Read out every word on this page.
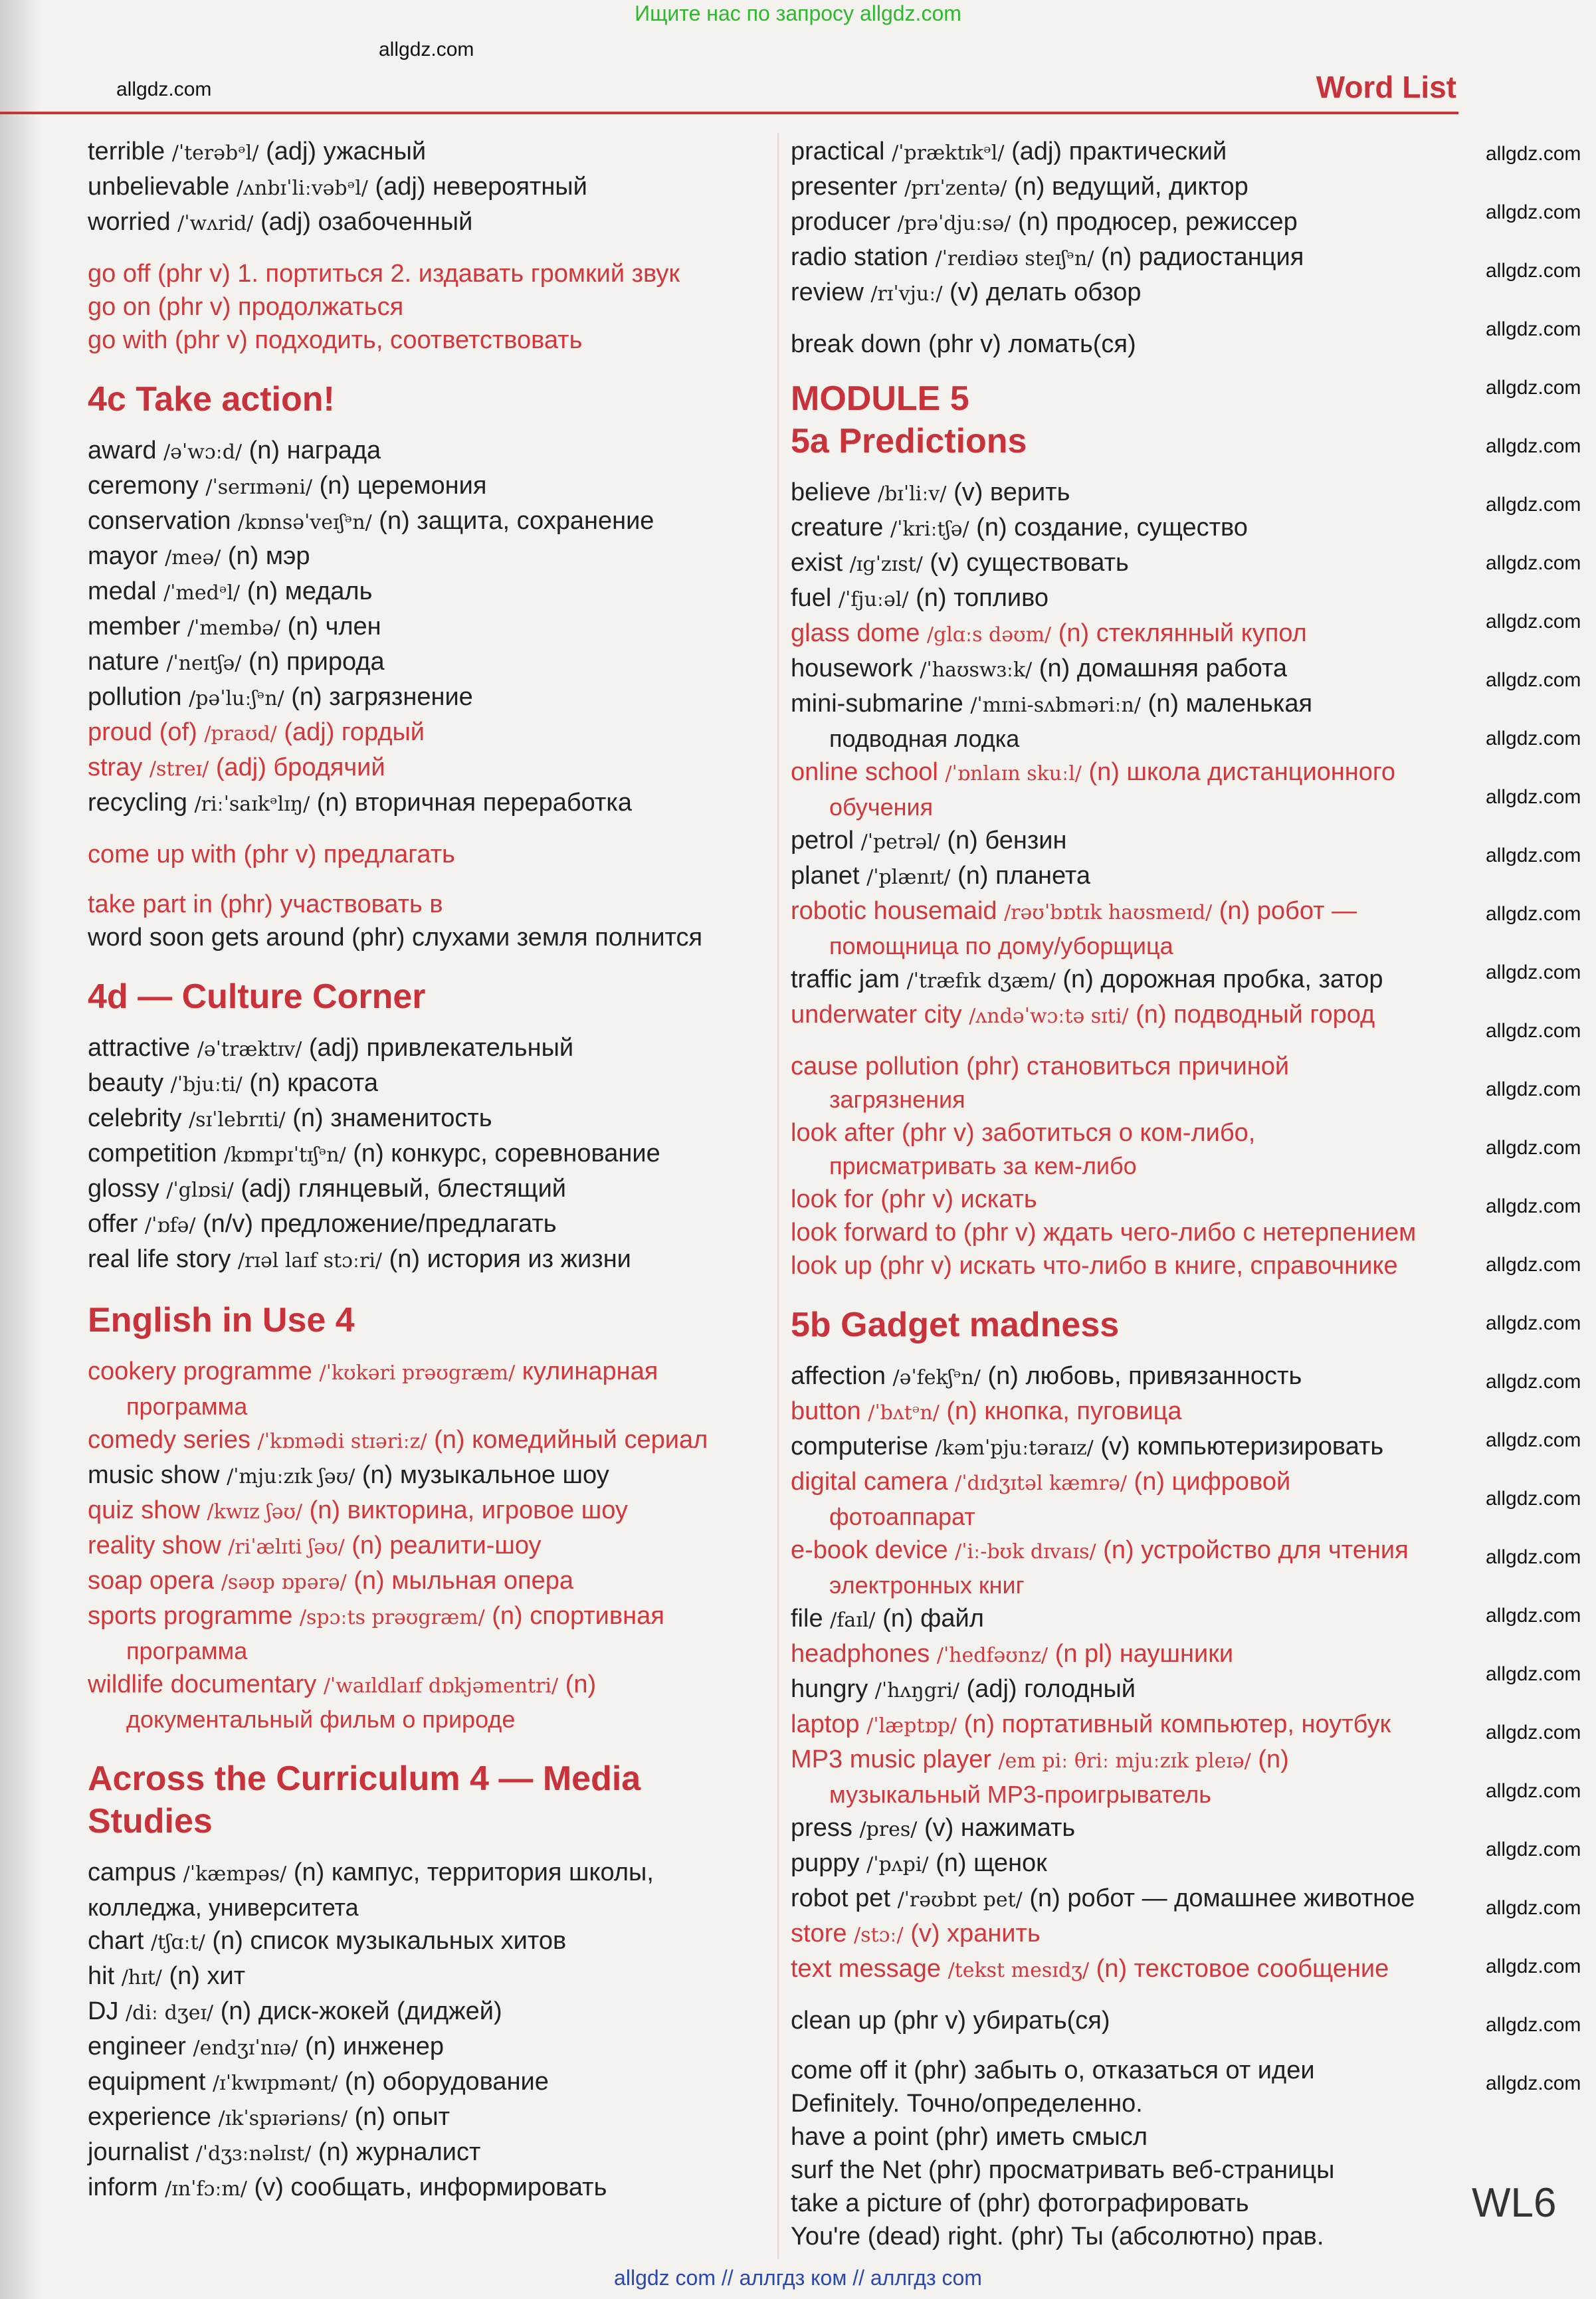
Ищите нас по запросу allgdz.com
Word List
terrible /ˈterəbᵊl/ (adj) ужасный
unbelievable /ʌnbɪˈliːvəbᵊl/ (adj) невероятный
worried /ˈwʌrid/ (adj) озабоченный
go off (phr v) 1. портиться 2. издавать громкий звук
go on (phr v) продолжаться
go with (phr v) подходить, соответствовать
4c Take action!
award /əˈwɔːd/ (n) награда
ceremony /ˈserɪməni/ (n) церемония
conservation /kɒnsəˈveɪʃᵊn/ (n) защита, сохранение
mayor /meə/ (n) мэр
medal /ˈmedᵊl/ (n) медаль
member /ˈmembə/ (n) член
nature /ˈneɪtʃə/ (n) природа
pollution /pəˈluːʃᵊn/ (n) загрязнение
proud (of) /praʊd/ (adj) гордый
stray /streɪ/ (adj) бродячий
recycling /riːˈsaɪkᵊlɪŋ/ (n) вторичная переработка
come up with (phr v) предлагать
take part in (phr) участвовать в
word soon gets around (phr) слухами земля полнится
4d — Culture Corner
attractive /əˈtræktɪv/ (adj) привлекательный
beauty /ˈbjuːti/ (n) красота
celebrity /sɪˈlebrɪti/ (n) знаменитость
competition /kɒmpɪˈtɪʃᵊn/ (n) конкурс, соревнование
glossy /ˈglɒsi/ (adj) глянцевый, блестящий
offer /ˈɒfə/ (n/v) предложение/предлагать
real life story /rɪəl laɪf stɔːri/ (n) история из жизни
English in Use 4
cookery programme /ˈkʊkəri prəʊgræm/ кулинарная
программа
comedy series /ˈkɒmədi stɪəriːz/ (n) комедийный сериал
music show /ˈmjuːzɪk ʃəʊ/ (n) музыкальное шоу
quiz show /kwɪz ʃəʊ/ (n) викторина, игровое шоу
reality show /riˈælɪti ʃəʊ/ (n) реалити-шоу
soap opera /səʊp ɒpərə/ (n) мыльная опера
sports programme /spɔːts prəʊgræm/ (n) спортивная
программа
wildlife documentary /ˈwaɪldlaɪf dɒkjəmentri/ (n)
документальный фильм о природе
Across the Curriculum 4 — Media Studies
campus /ˈkæmpəs/ (n) кампус, территория школы,
колледжа, университета
chart /tʃɑːt/ (n) список музыкальных хитов
hit /hɪt/ (n) хит
DJ /diː dʒeɪ/ (n) диск-жокей (диджей)
engineer /endʒɪˈnɪə/ (n) инженер
equipment /ɪˈkwɪpmənt/ (n) оборудование
experience /ɪkˈspɪəriəns/ (n) опыт
journalist /ˈdʒɜːnəlɪst/ (n) журналист
inform /ɪnˈfɔːm/ (v) сообщать, информировать
practical /ˈpræktɪkᵊl/ (adj) практический
presenter /prɪˈzentə/ (n) ведущий, диктор
producer /prəˈdjuːsə/ (n) продюсер, режиссер
radio station /ˈreɪdiəʊ steɪʃᵊn/ (n) радиостанция
review /rɪˈvjuː/ (v) делать обзор
break down (phr v) ломать(ся)
MODULE 5
5a Predictions
believe /bɪˈliːv/ (v) верить
creature /ˈkriːtʃə/ (n) создание, существо
exist /ɪgˈzɪst/ (v) существовать
fuel /ˈfjuːəl/ (n) топливо
glass dome /glɑːs dəʊm/ (n) стеклянный купол
housework /ˈhaʊswɜːk/ (n) домашняя работа
mini-submarine /ˈmɪni-sʌbməriːn/ (n) маленькая
подводная лодка
online school /ˈɒnlaɪn skuːl/ (n) школа дистанционного
обучения
petrol /ˈpetrəl/ (n) бензин
planet /ˈplænɪt/ (n) планета
robotic housemaid /rəʊˈbɒtɪk haʊsmeɪd/ (n) робот —
помощница по дому/уборщица
traffic jam /ˈtræfɪk dʒæm/ (n) дорожная пробка, затор
underwater city /ʌndəˈwɔːtə sɪti/ (n) подводный город
cause pollution (phr) становиться причиной
загрязнения
look after (phr v) заботиться о ком-либо,
присматривать за кем-либо
look for (phr v) искать
look forward to (phr v) ждать чего-либо с нетерпением
look up (phr v) искать что-либо в книге, справочнике
5b Gadget madness
affection /əˈfekʃᵊn/ (n) любовь, привязанность
button /ˈbʌtᵊn/ (n) кнопка, пуговица
computerise /kəmˈpjuːtəraɪz/ (v) компьютеризировать
digital camera /ˈdɪdʒɪtəl kæmrə/ (n) цифровой
фотоаппарат
e-book device /ˈiː-bʊk dɪvaɪs/ (n) устройство для чтения
электронных книг
file /faɪl/ (n) файл
headphones /ˈhedfəʊnz/ (n pl) наушники
hungry /ˈhʌŋgri/ (adj) голодный
laptop /ˈlæptɒp/ (n) портативный компьютер, ноутбук
MP3 music player /em piː θriː mjuːzɪk pleɪə/ (n)
музыкальный MP3-проигрыватель
press /pres/ (v) нажимать
puppy /ˈpʌpi/ (n) щенок
robot pet /ˈrəʊbɒt pet/ (n) робот — домашнее животное
store /stɔː/ (v) хранить
text message /tekst mesɪdʒ/ (n) текстовое сообщение
clean up (phr v) убирать(ся)
come off it (phr) забыть о, отказаться от идеи
Definitely. Точно/определенно.
have a point (phr) иметь смысл
surf the Net (phr) просматривать веб-страницы
take a picture of (phr) фотографировать
You're (dead) right. (phr) Ты (абсолютно) прав.
WL6
allgdz com // аллгдз ком // аллгдз com
allgdz.com
allgdz.com
allgdz.com
allgdz.com
allgdz.com
allgdz.com
allgdz.com
allgdz.com
allgdz.com
allgdz.com
allgdz.com
allgdz.com
allgdz.com
allgdz.com
allgdz.com
allgdz.com
allgdz.com
allgdz.com
allgdz.com
allgdz.com
allgdz.com
allgdz.com
allgdz.com
allgdz.com
allgdz.com
allgdz.com
allgdz.com
allgdz.com
allgdz.com
allgdz.com
allgdz.com
allgdz.com
allgdz.com
allgdz.com
allgdz.com
allgdz.com
